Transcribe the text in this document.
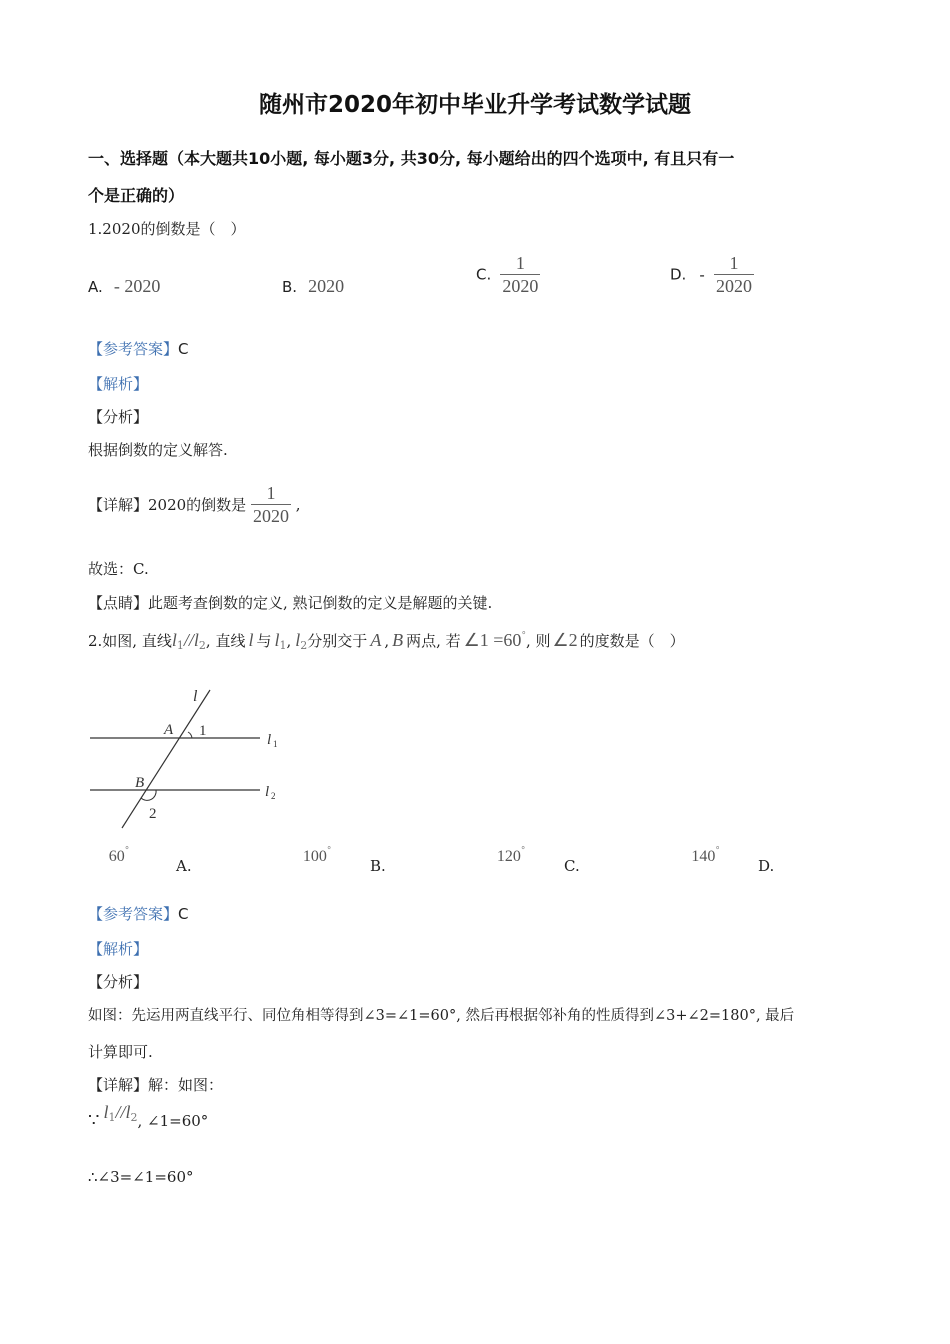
随州市2020年初中毕业升学考试数学试题
一、选择题（本大题共10小题, 每小题3分, 共30分, 每小题给出的四个选项中, 有且只有一
个是正确的）
1.2020的倒数是（　）
A. - 2020	B. 2020
C. $\frac{1}{2020}$	D. - $\frac{1}{2020}$
【参考答案】C
【解析】
【分析】
根据倒数的定义解答.
【详解】2020的倒数是 $\frac{1}{2020}$ ,
故选：C.
【点睛】此题考查倒数的定义, 熟记倒数的定义是解题的关键.
2.如图, 直线$l_1//l_2$, 直线 l 与 $l_1$, $l_2$分别交于 A , B 两点, 若 ∠1 =60°, 则 ∠2 的度数是（　）
l
A 1
l 1
B
l 2
2
A. 60°
B. 100°
C. 120°
D. 140°
【参考答案】C
【解析】
【分析】
如图：先运用两直线平行、同位角相等得到∠3=∠1=60°, 然后再根据邻补角的性质得到∠3+∠2=180°, 最后
计算即可.
【详解】解：如图：
∵ $l^1//l^2$, ∠1=60°
∴∠3=∠1=60°
